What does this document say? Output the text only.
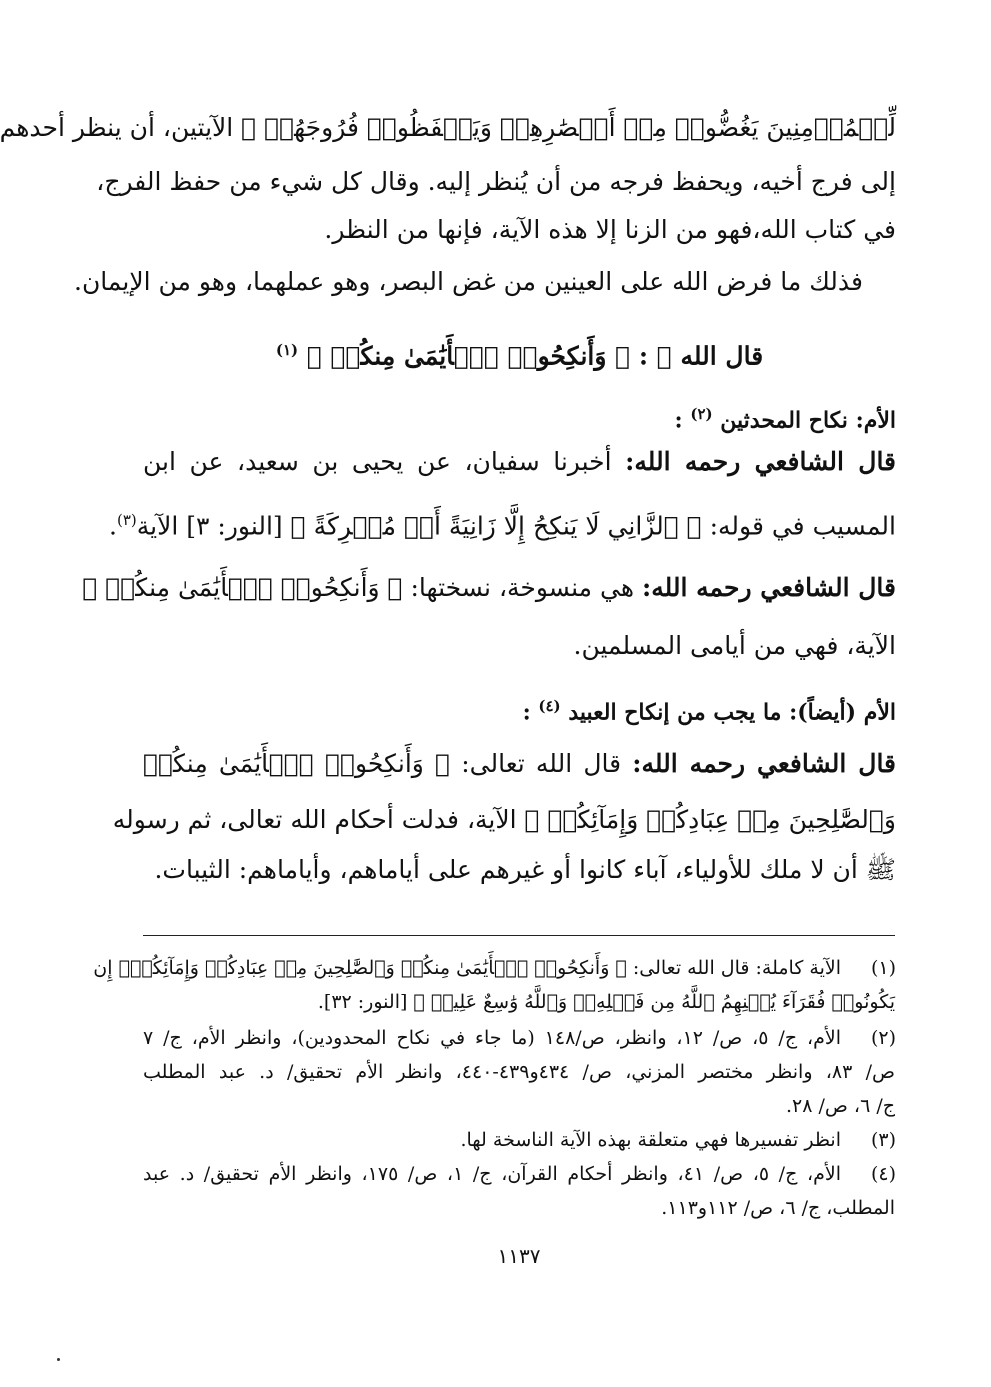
لِّلۡمُؤۡمِنِينَ يَغُضُّوا۟ مِنۡ أَبۡصَٰرِهِمۡ وَيَحۡفَظُوا۟ فُرُوجَهُمۡ ﴾ الآيتين، أن ينظر أحدهم
إلى فرج أخيه، ويحفظ فرجه من أن يُنظر إليه. وقال كل شيء من حفظ الفرج،
في كتاب الله،فهو من الزنا إلا هذه الآية، فإنها من النظر.
فذلك ما فرض الله على العينين من غض البصر، وهو عملهما، وهو من الإيمان.
قال الله ﷻ : ﴿ وَأَنكِحُوا۟ ٱلۡأَيَٰمَىٰ مِنكُمۡ ﴾ $^{(١)}$
الأم: نكاح المحدثين $^{(٢)}$ :
قال الشافعي رحمه الله: أخبرنا سفيان، عن يحيى بن سعيد، عن ابن
المسيب في قوله: ﴿ ٱلزَّانِي لَا يَنكِحُ إِلَّا زَانِيَةً أَوۡ مُشۡرِكَةً ﴾ [النور: ٣] الآية$^{(٣)}$.
قال الشافعي رحمه الله: هي منسوخة، نسختها: ﴿ وَأَنكِحُوا۟ ٱلۡأَيَٰمَىٰ مِنكُمۡ ﴾
الآية، فهي من أيامى المسلمين.
الأم (أيضاً): ما يجب من إنكاح العبيد $^{(٤)}$ :
قال الشافعي رحمه الله: قال الله تعالى: ﴿ وَأَنكِحُوا۟ ٱلۡأَيَٰمَىٰ مِنكُمۡ
وَٱلصَّٰلِحِينَ مِنۡ عِبَادِكُمۡ وَإِمَآئِكُمۡ ﴾ الآية، فدلت أحكام الله تعالى، ثم رسوله
ﷺ أن لا ملك للأولياء، آباء كانوا أو غيرهم على أياماهم، وأياماهم: الثيبات.
(١)
الآية كاملة: قال الله تعالى: ﴿ وَأَنكِحُوا۟ ٱلۡأَيَٰمَىٰ مِنكُمۡ وَٱلصَّٰلِحِينَ مِنۡ عِبَادِكُمۡ وَإِمَآئِكُمۡۚ إِن
يَكُونُوا۟ فُقَرَآءَ يُغۡنِهِمُ ٱللَّهُ مِن فَضۡلِهِۦۗ وَٱللَّهُ وَٰسِعٌ عَلِيمٞ ﴾ [النور: ٣٢].
(٢)
الأم، ج/ ٥، ص/ ١٢، وانظر، ص/١٤٨ (ما جاء في نكاح المحدودين)، وانظر الأم، ج/ ٧
ص/ ٨٣، وانظر مختصر المزني، ص/ ٤٣٤و٤٣٩-٤٤٠، وانظر الأم تحقيق/ د. عبد المطلب
ج/ ٦، ص/ ٢٨.
(٣)
انظر تفسيرها فهي متعلقة بهذه الآية الناسخة لها.
(٤)
الأم، ج/ ٥، ص/ ٤١، وانظر أحكام القرآن، ج/ ١، ص/ ١٧٥، وانظر الأم تحقيق/ د. عبد
المطلب، ج/ ٦، ص/ ١١٢و١١٣.
١١٣٧
